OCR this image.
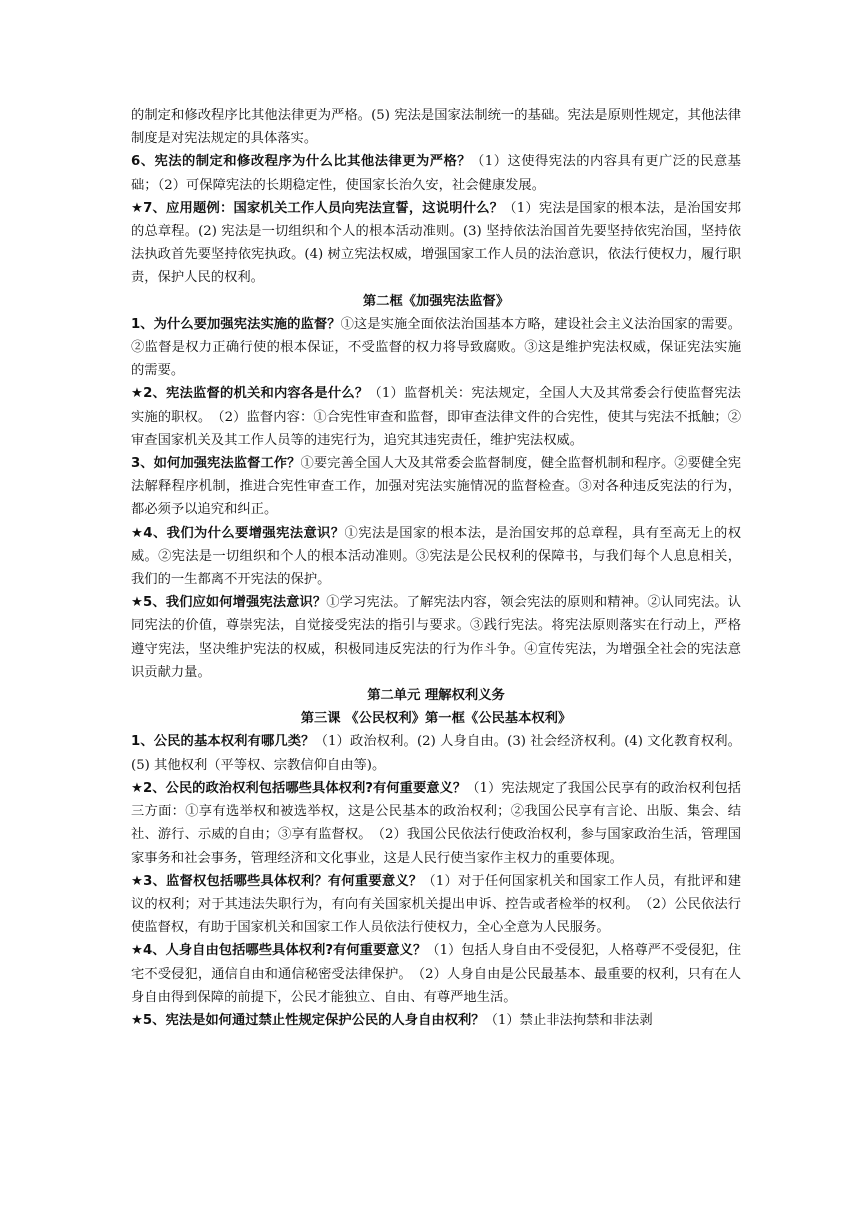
的制定和修改程序比其他法律更为严格。(5) 宪法是国家法制统一的基础。宪法是原则性规定，其他法律制度是对宪法规定的具体落实。

6、宪法的制定和修改程序为什么比其他法律更为严格？（1）这使得宪法的内容具有更广泛的民意基础；（2）可保障宪法的长期稳定性，使国家长治久安，社会健康发展。

★7、应用题例：国家机关工作人员向宪法宣誓，这说明什么？（1）宪法是国家的根本法，是治国安邦的总章程。(2) 宪法是一切组织和个人的根本活动准则。(3) 坚持依法治国首先要坚持依宪治国，坚持依法执政首先要坚持依宪执政。(4) 树立宪法权威，增强国家工作人员的法治意识，依法行使权力，履行职责，保护人民的权利。

第二框《加强宪法监督》

1、为什么要加强宪法实施的监督？①这是实施全面依法治国基本方略，建设社会主义法治国家的需要。②监督是权力正确行使的根本保证，不受监督的权力将导致腐败。③这是维护宪法权威，保证宪法实施的需要。

★2、宪法监督的机关和内容各是什么？（1）监督机关：宪法规定，全国人大及其常委会行使监督宪法实施的职权。　（2）监督内容：①合宪性审查和监督，即审查法律文件的合宪性，使其与宪法不抵触；②审查国家机关及其工作人员等的违宪行为，追究其违宪责任，维护宪法权威。

3、如何加强宪法监督工作？①要完善全国人大及其常委会监督制度，健全监督机制和程序。②要健全宪法解释程序机制，推进合宪性审查工作，加强对宪法实施情况的监督检查。③对各种违反宪法的行为，都必须予以追究和纠正。

★4、我们为什么要增强宪法意识？①宪法是国家的根本法，是治国安邦的总章程，具有至高无上的权威。②宪法是一切组织和个人的根本活动准则。③宪法是公民权利的保障书，与我们每个人息息相关，我们的一生都离不开宪法的保护。

★5、我们应如何增强宪法意识？①学习宪法。了解宪法内容，领会宪法的原则和精神。②认同宪法。认同宪法的价值，尊崇宪法，自觉接受宪法的指引与要求。③践行宪法。将宪法原则落实在行动上，严格遵守宪法，坚决维护宪法的权威，积极同违反宪法的行为作斗争。④宣传宪法，为增强全社会的宪法意识贡献力量。

第二单元 理解权利义务

第三课 《公民权利》第一框《公民基本权利》

1、公民的基本权利有哪几类？（1）政治权利。(2) 人身自由。(3) 社会经济权利。(4) 文化教育权利。(5) 其他权利（平等权、宗教信仰自由等)。

★2、公民的政治权利包括哪些具体权利?有何重要意义？（1）宪法规定了我国公民享有的政治权利包括三方面：①享有选举权和被选举权，这是公民基本的政治权利；②我国公民享有言论、出版、集会、结社、游行、示威的自由；③享有监督权。　（2）我国公民依法行使政治权利，参与国家政治生活，管理国家事务和社会事务，管理经济和文化事业，这是人民行使当家作主权力的重要体现。

★3、监督权包括哪些具体权利？有何重要意义？（1）对于任何国家机关和国家工作人员，有批评和建议的权利；对于其违法失职行为，有向有关国家机关提出申诉、控告或者检举的权利。　（2）公民依法行使监督权，有助于国家机关和国家工作人员依法行使权力，全心全意为人民服务。

★4、人身自由包括哪些具体权利?有何重要意义？（1）包括人身自由不受侵犯，人格尊严不受侵犯，住宅不受侵犯，通信自由和通信秘密受法律保护。　（2）人身自由是公民最基本、最重要的权利，只有在人身自由得到保障的前提下，公民才能独立、自由、有尊严地生活。

★5、宪法是如何通过禁止性规定保护公民的人身自由权利？（1）禁止非法拘禁和非法剥
